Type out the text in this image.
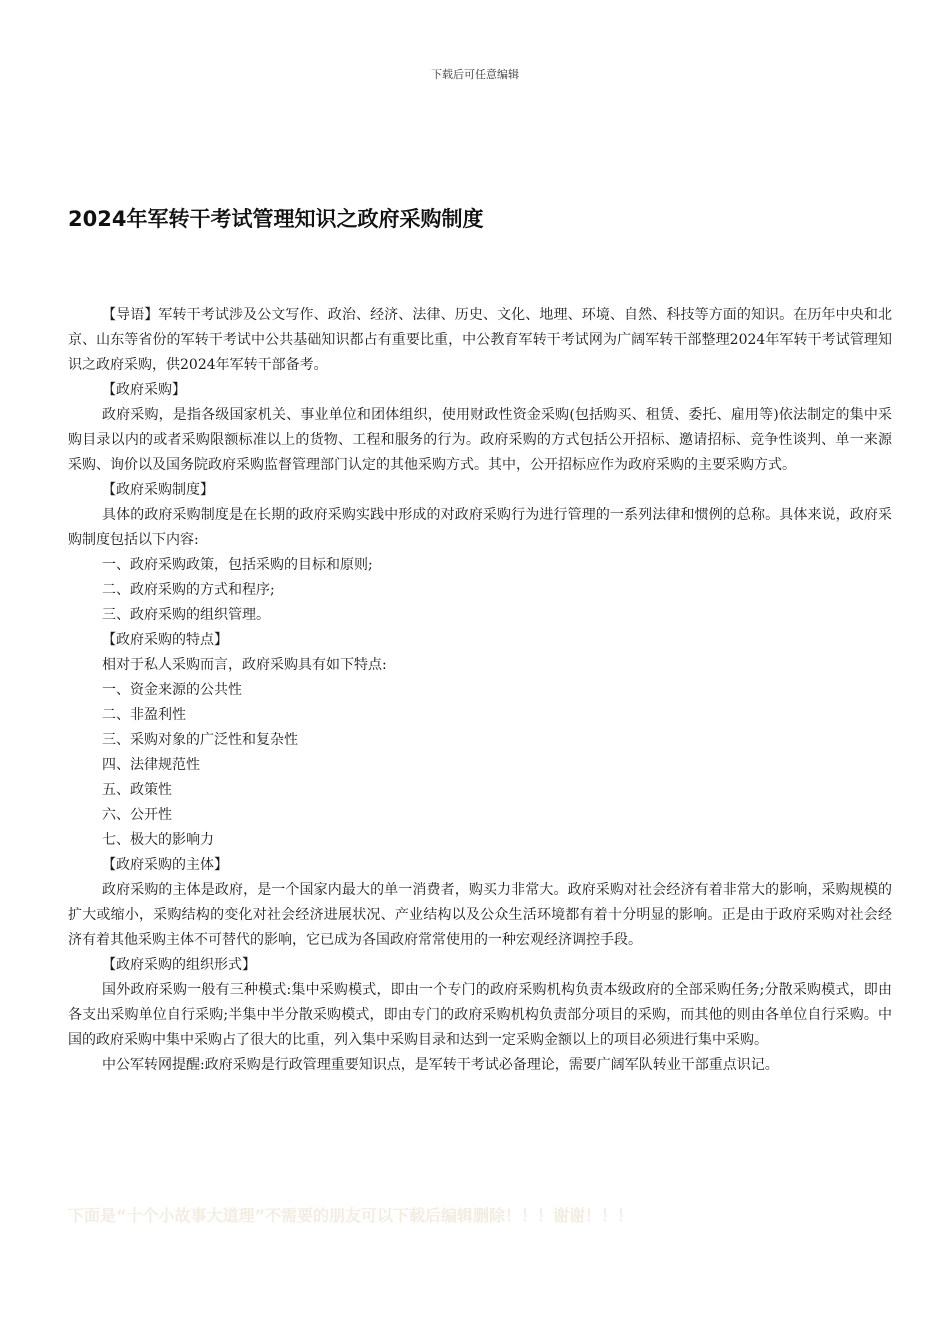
下载后可任意编辑
2024年军转干考试管理知识之政府采购制度

【导语】军转干考试涉及公文写作、政治、经济、法律、历史、文化、地理、环境、自然、科技等方面的知识。在历年中央和北京、山东等省份的军转干考试中公共基础知识都占有重要比重，中公教育军转干考试网为广阔军转干部整理2024年军转干考试管理知识之政府采购，供2024年军转干部备考。

【政府采购】

政府采购，是指各级国家机关、事业单位和团体组织，使用财政性资金采购(包括购买、租赁、委托、雇用等)依法制定的集中采购目录以内的或者采购限额标准以上的货物、工程和服务的行为。政府采购的方式包括公开招标、邀请招标、竞争性谈判、单一来源采购、询价以及国务院政府采购监督管理部门认定的其他采购方式。其中，公开招标应作为政府采购的主要采购方式。

【政府采购制度】

具体的政府采购制度是在长期的政府采购实践中形成的对政府采购行为进行管理的一系列法律和惯例的总称。具体来说，政府采购制度包括以下内容:

一、政府采购政策，包括采购的目标和原则;

二、政府采购的方式和程序;

三、政府采购的组织管理。

【政府采购的特点】

相对于私人采购而言，政府采购具有如下特点:

一、资金来源的公共性

二、非盈利性

三、采购对象的广泛性和复杂性

四、法律规范性

五、政策性

六、公开性

七、极大的影响力

【政府采购的主体】

政府采购的主体是政府，是一个国家内最大的单一消费者，购买力非常大。政府采购对社会经济有着非常大的影响，采购规模的扩大或缩小，采购结构的变化对社会经济进展状况、产业结构以及公众生活环境都有着十分明显的影响。正是由于政府采购对社会经济有着其他采购主体不可替代的影响，它已成为各国政府常常使用的一种宏观经济调控手段。

【政府采购的组织形式】

国外政府采购一般有三种模式:集中采购模式，即由一个专门的政府采购机构负责本级政府的全部采购任务;分散采购模式，即由各支出采购单位自行采购;半集中半分散采购模式，即由专门的政府采购机构负责部分项目的采购，而其他的则由各单位自行采购。中国的政府采购中集中采购占了很大的比重，列入集中采购目录和达到一定采购金额以上的项目必须进行集中采购。

中公军转网提醒:政府采购是行政管理重要知识点，是军转干考试必备理论，需要广阔军队转业干部重点识记。

下面是“十个小故事大道理”不需要的朋友可以下载后编辑删除！！！谢谢！！！
